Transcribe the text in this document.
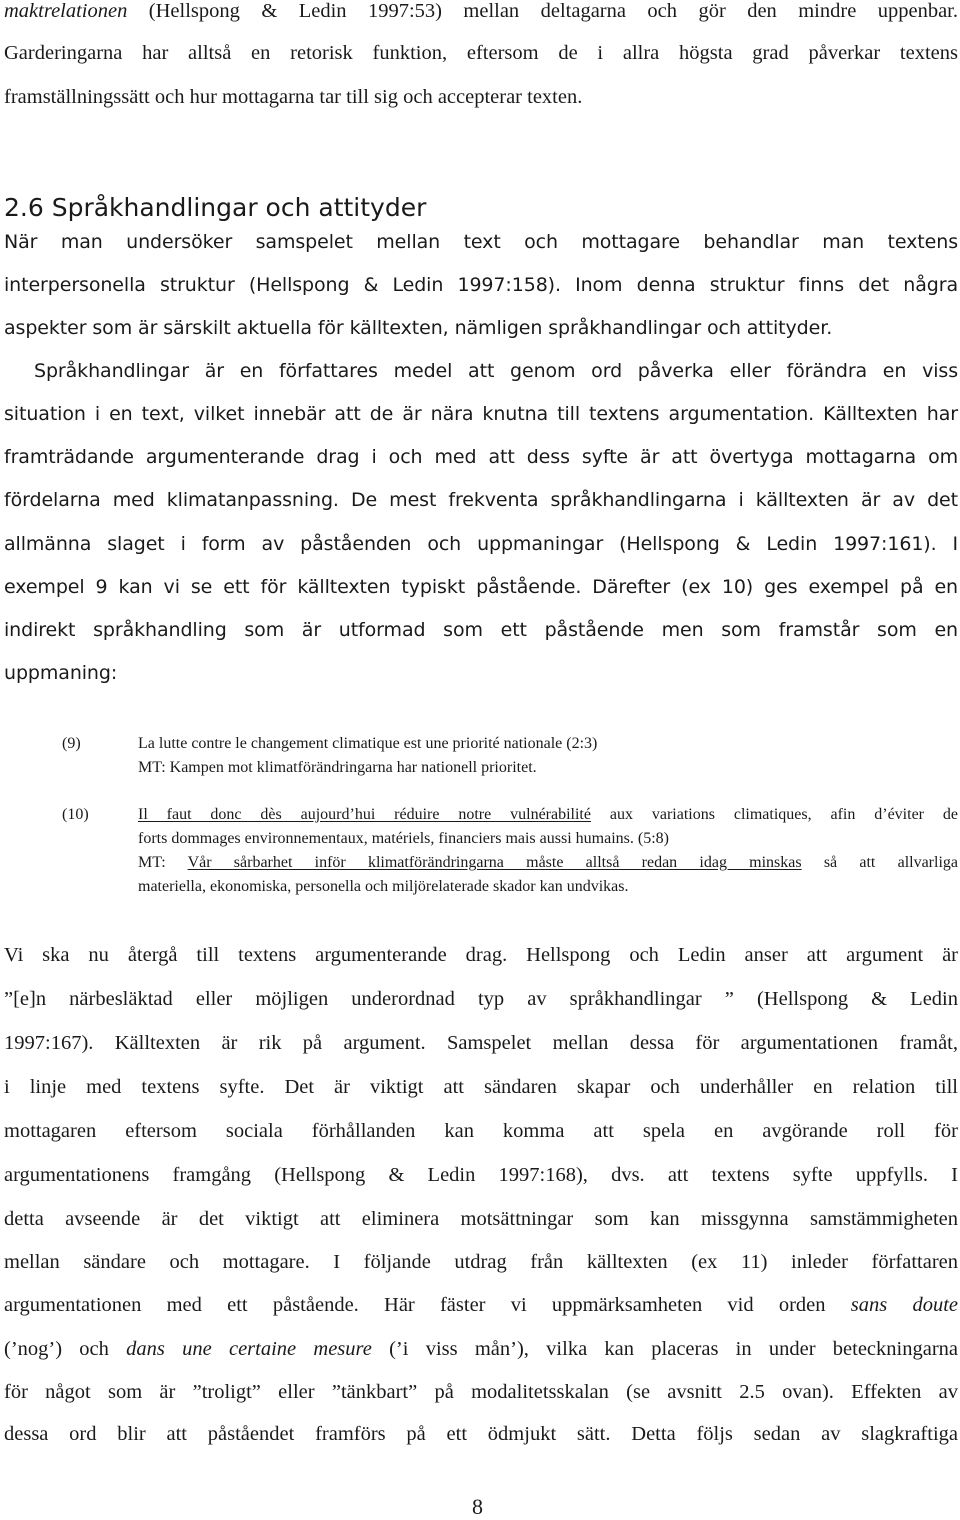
maktrelationen (Hellspong & Ledin 1997:53) mellan deltagarna och gör den mindre uppenbar.
Garderingarna har alltså en retorisk funktion, eftersom de i allra högsta grad påverkar textens
framställningssätt och hur mottagarna tar till sig och accepterar texten.
2.6 Språkhandlingar och attityder
När man undersöker samspelet mellan text och mottagare behandlar man textens
interpersonella struktur (Hellspong & Ledin 1997:158). Inom denna struktur finns det några
aspekter som är särskilt aktuella för källtexten, nämligen språkhandlingar och attityder.
Språkhandlingar är en författares medel att genom ord påverka eller förändra en viss
situation i en text, vilket innebär att de är nära knutna till textens argumentation. Källtexten har
framträdande argumenterande drag i och med att dess syfte är att övertyga mottagarna om
fördelarna med klimatanpassning. De mest frekventa språkhandlingarna i källtexten är av det
allmänna slaget i form av påståenden och uppmaningar (Hellspong & Ledin 1997:161). I
exempel 9 kan vi se ett för källtexten typiskt påstående. Därefter (ex 10) ges exempel på en
indirekt språkhandling som är utformad som ett påstående men som framstår som en
uppmaning:
(9)	La lutte contre le changement climatique est une priorité nationale (2:3)
MT: Kampen mot klimatförändringarna har nationell prioritet.
(10)	Il faut donc dès aujourd’hui réduire notre vulnérabilité aux variations climatiques, afin d’éviter de
forts dommages environnementaux, matériels, financiers mais aussi humains. (5:8)
MT: Vår sårbarhet inför klimatförändringarna måste alltså redan idag minskas så att allvarliga
materiella, ekonomiska, personella och miljörelaterade skador kan undvikas.
Vi ska nu återgå till textens argumenterande drag. Hellspong och Ledin anser att argument är
”[e]n närbesläktad eller möjligen underordnad typ av språkhandlingar ” (Hellspong & Ledin
1997:167). Källtexten är rik på argument. Samspelet mellan dessa för argumentationen framåt,
i linje med textens syfte. Det är viktigt att sändaren skapar och underhåller en relation till
mottagaren eftersom sociala förhållanden kan komma att spela en avgörande roll för
argumentationens framgång (Hellspong & Ledin 1997:168), dvs. att textens syfte uppfylls. I
detta avseende är det viktigt att eliminera motsättningar som kan missgynna samstämmigheten
mellan sändare och mottagare. I följande utdrag från källtexten (ex 11) inleder författaren
argumentationen med ett påstående. Här fäster vi uppmärksamheten vid orden sans doute
(’nog’) och dans une certaine mesure (’i viss mån’), vilka kan placeras in under beteckningarna
för något som är ”troligt” eller ”tänkbart” på modalitetsskalan (se avsnitt 2.5 ovan). Effekten av
dessa ord blir att påståendet framförs på ett ödmjukt sätt. Detta följs sedan av slagkraftiga
8
